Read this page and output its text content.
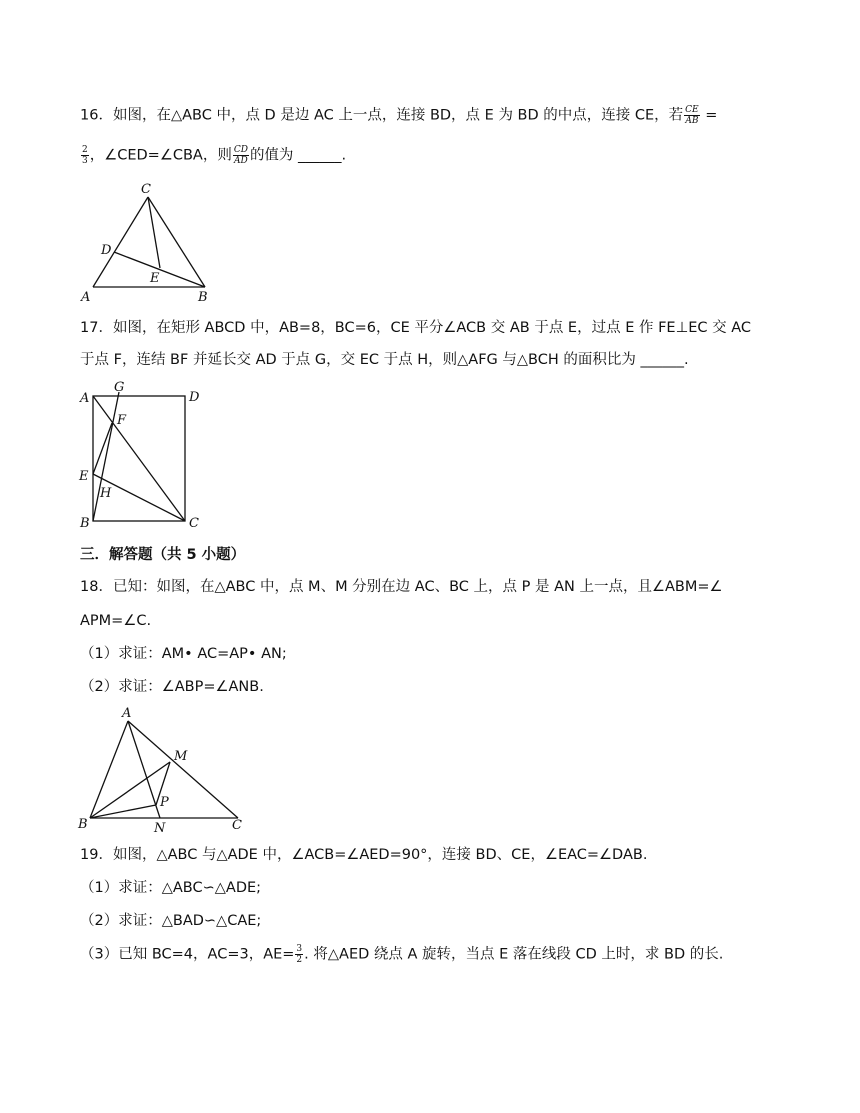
16．如图，在△ABC 中，点 D 是边 AC 上一点，连接 BD，点 E 为 BD 的中点，连接 CE，若 $\frac{CE}{AB}$ =
$\frac{2}{3}$ ，∠CED=∠CBA，则 $\frac{CD}{AD}$ 的值为 ______.
C
D
E
A	B
17．如图，在矩形 ABCD 中，AB=8，BC=6，CE 平分∠ACB 交 AB 于点 E，过点 E 作 FE⊥EC 交 AC
于点 F，连结 BF 并延长交 AD 于点 G，交 EC 于点 H，则△AFG 与△BCH 的面积比为 ______.
A
G
D
F
E
H
B	C
三．解答题（共 5 小题）
18．已知：如图，在△ABC 中，点 M、M 分别在边 AC、BC 上，点 P 是 AN 上一点，且∠ABM=∠
APM=∠C.
（1）求证：AM• AC=AP• AN;
（2）求证：∠ABP=∠ANB.
A
M
P
B	N	C
19．如图，△ABC 与△ADE 中，∠ACB=∠AED=90°，连接 BD、CE，∠EAC=∠DAB.
（1）求证：△ABC∽△ADE;
（2）求证：△BAD∽△CAE;
（3）已知 BC=4，AC=3，$AE= \frac{3}{2}$ . 将△AED 绕点 A 旋转，当点 E 落在线段 CD 上时，求 BD 的长.
